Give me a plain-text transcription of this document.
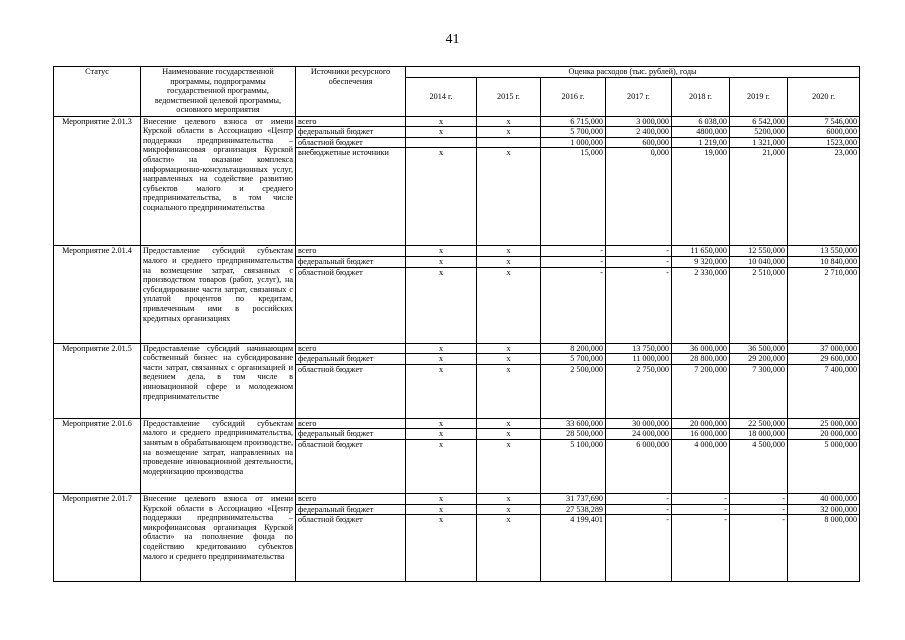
41
Статус	Наименование государственной программы, подпрограммы государственной программы, ведомственной целевой программы, основного мероприятия	Источники ресурсного обеспечения	Оценка расходов (тыс. рублей), годы						
			2014 г.	2015 г.	2016 г.	2017 г.	2018 г.	2019 г.	2020 г.
Мероприятие 2.01.3	Внесение целевого взноса от имени Курской области в Ассоциацию «Центр поддержки предпринимательства – микрофинансовая организация Курской области» на оказание комплекса информационно-консультационных услуг, направленных на содействие развитию субъектов малого и среднего предпринимательства, в том числе социального предпринимательства	всего	х	х	6 715,000	3 000,000	6 038,00	6 542,000	7 546,000
		федеральный бюджет	х	х	5 700,000	2 400,000	4800,000	5200,000	6000,000
		областной бюджет			1 000,000	600,000	1 219,00	1 321,000	1523,000
		внебюджетные источники	х	х	15,000	0,000	19,000	21,000	23,000
Мероприятие 2.01.4	Предоставление субсидий субъектам малого и среднего предпринимательства на возмещение затрат, связанных с производством товаров (работ, услуг), на субсидирование части затрат, связанных с уплатой процентов по кредитам, привлеченным ими в российских кредитных организациях	всего	х	х	-	-	11 650,000	12 550,000	13 550,000
		федеральный бюджет	х	х	-	-	9 320,000	10 040,000	10 840,000
		областной бюджет	х	х	-	-	2 330,000	2 510,000	2 710,000
Мероприятие 2.01.5	Предоставление субсидий начинающим собственный бизнес на субсидирование части затрат, связанных с организацией и ведением дела, в том числе в инновационной сфере и молодежном предпринимательстве	всего	х	х	8 200,000	13 750,000	36 000,000	36 500,000	37 000,000
		федеральный бюджет	х	х	5 700,000	11 000,000	28 800,000	29 200,000	29 600,000
		областной бюджет	х	х	2 500,000	2 750,000	7 200,000	7 300,000	7 400,000
Мероприятие 2.01.6	Предоставление субсидий субъектам малого и среднего предпринимательства, занятым в обрабатывающем производстве, на возмещение затрат, направленных на проведение инновационной деятельности, модернизацию производства	всего	х	х	33 600,000	30 000,000	20 000,000	22 500,000	25 000,000
		федеральный бюджет	х	х	28 500,000	24 000,000	16 000,000	18 000,000	20 000,000
		областной бюджет	х	х	5 100,000	6 000,000	4 000,000	4 500,000	5 000,000
Мероприятие 2.01.7	Внесение целевого взноса от имени Курской области в Ассоциацию «Центр поддержки предпринимательства – микрофинансовая организация Курской области» на пополнение фонда по содействию кредитованию субъектов малого и среднего предпринимательства	всего	х	х	31 737,690	-	-	-	40 000,000
		федеральный бюджет	х	х	27 538,289	-	-	-	32 000,000
		областной бюджет	х	х	4 199,401	-	-	-	8 000,000
